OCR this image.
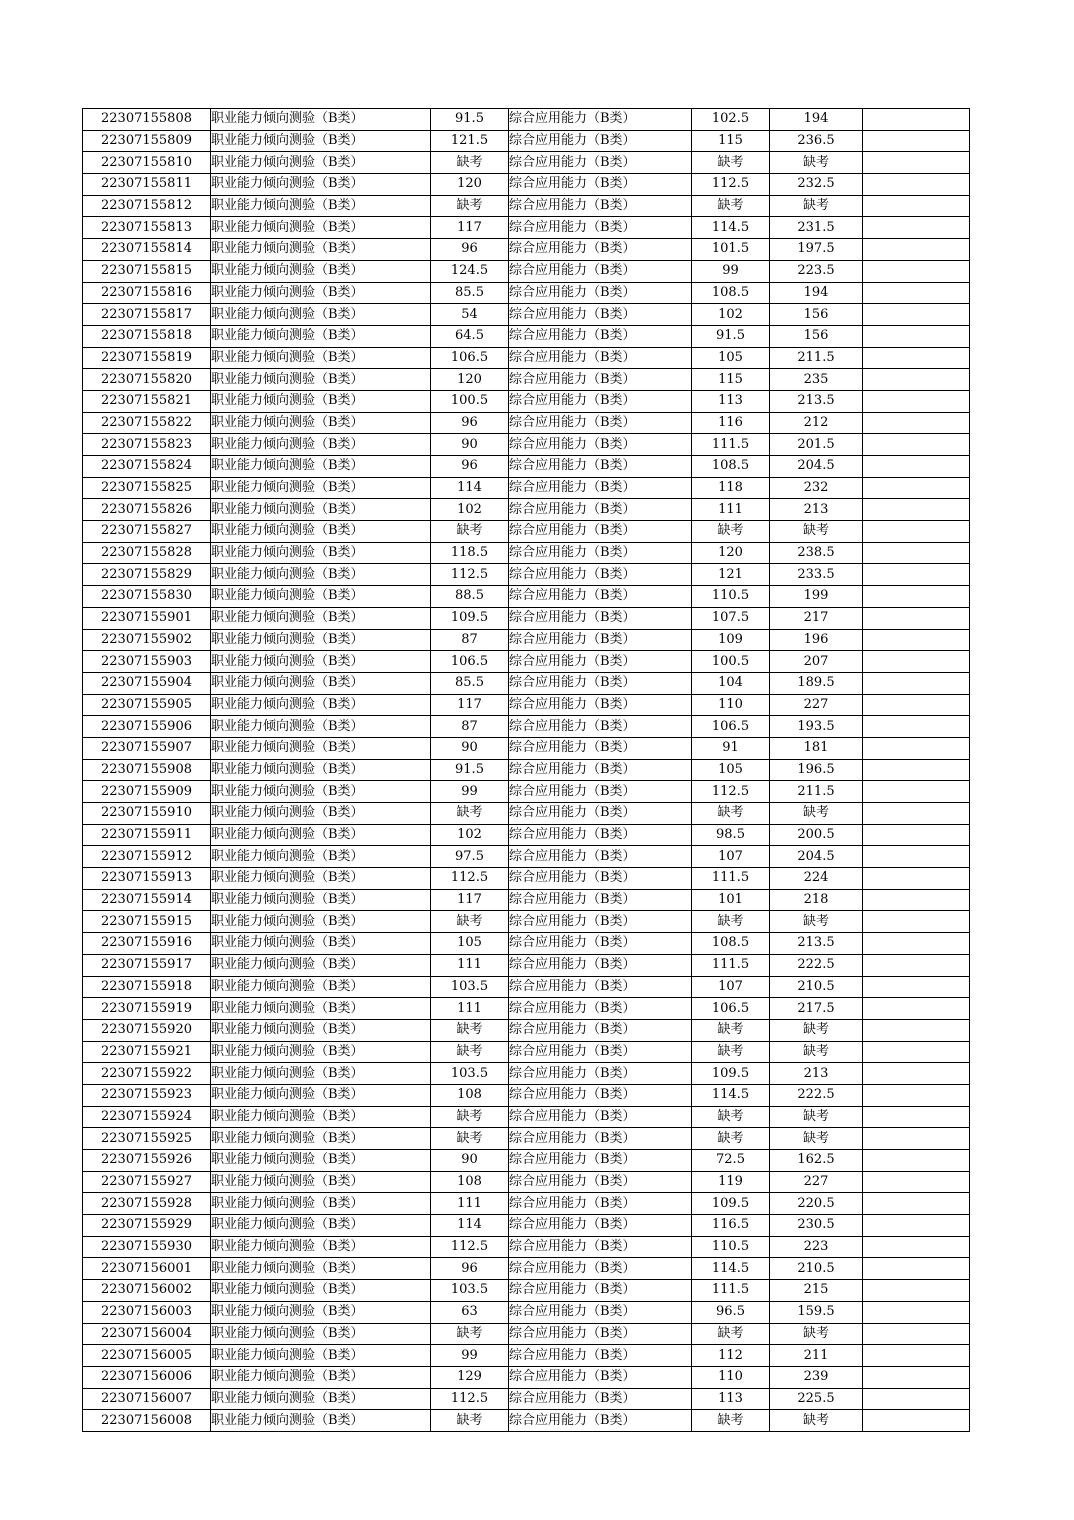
22307155808	职业能力倾向测验（B类）	91.5	综合应用能力（B类）	102.5	194	
22307155809	职业能力倾向测验（B类）	121.5	综合应用能力（B类）	115	236.5	
22307155810	职业能力倾向测验（B类）	缺考	综合应用能力（B类）	缺考	缺考	
22307155811	职业能力倾向测验（B类）	120	综合应用能力（B类）	112.5	232.5	
22307155812	职业能力倾向测验（B类）	缺考	综合应用能力（B类）	缺考	缺考	
22307155813	职业能力倾向测验（B类）	117	综合应用能力（B类）	114.5	231.5	
22307155814	职业能力倾向测验（B类）	96	综合应用能力（B类）	101.5	197.5	
22307155815	职业能力倾向测验（B类）	124.5	综合应用能力（B类）	99	223.5	
22307155816	职业能力倾向测验（B类）	85.5	综合应用能力（B类）	108.5	194	
22307155817	职业能力倾向测验（B类）	54	综合应用能力（B类）	102	156	
22307155818	职业能力倾向测验（B类）	64.5	综合应用能力（B类）	91.5	156	
22307155819	职业能力倾向测验（B类）	106.5	综合应用能力（B类）	105	211.5	
22307155820	职业能力倾向测验（B类）	120	综合应用能力（B类）	115	235	
22307155821	职业能力倾向测验（B类）	100.5	综合应用能力（B类）	113	213.5	
22307155822	职业能力倾向测验（B类）	96	综合应用能力（B类）	116	212	
22307155823	职业能力倾向测验（B类）	90	综合应用能力（B类）	111.5	201.5	
22307155824	职业能力倾向测验（B类）	96	综合应用能力（B类）	108.5	204.5	
22307155825	职业能力倾向测验（B类）	114	综合应用能力（B类）	118	232	
22307155826	职业能力倾向测验（B类）	102	综合应用能力（B类）	111	213	
22307155827	职业能力倾向测验（B类）	缺考	综合应用能力（B类）	缺考	缺考	
22307155828	职业能力倾向测验（B类）	118.5	综合应用能力（B类）	120	238.5	
22307155829	职业能力倾向测验（B类）	112.5	综合应用能力（B类）	121	233.5	
22307155830	职业能力倾向测验（B类）	88.5	综合应用能力（B类）	110.5	199	
22307155901	职业能力倾向测验（B类）	109.5	综合应用能力（B类）	107.5	217	
22307155902	职业能力倾向测验（B类）	87	综合应用能力（B类）	109	196	
22307155903	职业能力倾向测验（B类）	106.5	综合应用能力（B类）	100.5	207	
22307155904	职业能力倾向测验（B类）	85.5	综合应用能力（B类）	104	189.5	
22307155905	职业能力倾向测验（B类）	117	综合应用能力（B类）	110	227	
22307155906	职业能力倾向测验（B类）	87	综合应用能力（B类）	106.5	193.5	
22307155907	职业能力倾向测验（B类）	90	综合应用能力（B类）	91	181	
22307155908	职业能力倾向测验（B类）	91.5	综合应用能力（B类）	105	196.5	
22307155909	职业能力倾向测验（B类）	99	综合应用能力（B类）	112.5	211.5	
22307155910	职业能力倾向测验（B类）	缺考	综合应用能力（B类）	缺考	缺考	
22307155911	职业能力倾向测验（B类）	102	综合应用能力（B类）	98.5	200.5	
22307155912	职业能力倾向测验（B类）	97.5	综合应用能力（B类）	107	204.5	
22307155913	职业能力倾向测验（B类）	112.5	综合应用能力（B类）	111.5	224	
22307155914	职业能力倾向测验（B类）	117	综合应用能力（B类）	101	218	
22307155915	职业能力倾向测验（B类）	缺考	综合应用能力（B类）	缺考	缺考	
22307155916	职业能力倾向测验（B类）	105	综合应用能力（B类）	108.5	213.5	
22307155917	职业能力倾向测验（B类）	111	综合应用能力（B类）	111.5	222.5	
22307155918	职业能力倾向测验（B类）	103.5	综合应用能力（B类）	107	210.5	
22307155919	职业能力倾向测验（B类）	111	综合应用能力（B类）	106.5	217.5	
22307155920	职业能力倾向测验（B类）	缺考	综合应用能力（B类）	缺考	缺考	
22307155921	职业能力倾向测验（B类）	缺考	综合应用能力（B类）	缺考	缺考	
22307155922	职业能力倾向测验（B类）	103.5	综合应用能力（B类）	109.5	213	
22307155923	职业能力倾向测验（B类）	108	综合应用能力（B类）	114.5	222.5	
22307155924	职业能力倾向测验（B类）	缺考	综合应用能力（B类）	缺考	缺考	
22307155925	职业能力倾向测验（B类）	缺考	综合应用能力（B类）	缺考	缺考	
22307155926	职业能力倾向测验（B类）	90	综合应用能力（B类）	72.5	162.5	
22307155927	职业能力倾向测验（B类）	108	综合应用能力（B类）	119	227	
22307155928	职业能力倾向测验（B类）	111	综合应用能力（B类）	109.5	220.5	
22307155929	职业能力倾向测验（B类）	114	综合应用能力（B类）	116.5	230.5	
22307155930	职业能力倾向测验（B类）	112.5	综合应用能力（B类）	110.5	223	
22307156001	职业能力倾向测验（B类）	96	综合应用能力（B类）	114.5	210.5	
22307156002	职业能力倾向测验（B类）	103.5	综合应用能力（B类）	111.5	215	
22307156003	职业能力倾向测验（B类）	63	综合应用能力（B类）	96.5	159.5	
22307156004	职业能力倾向测验（B类）	缺考	综合应用能力（B类）	缺考	缺考	
22307156005	职业能力倾向测验（B类）	99	综合应用能力（B类）	112	211	
22307156006	职业能力倾向测验（B类）	129	综合应用能力（B类）	110	239	
22307156007	职业能力倾向测验（B类）	112.5	综合应用能力（B类）	113	225.5	
22307156008	职业能力倾向测验（B类）	缺考	综合应用能力（B类）	缺考	缺考	
